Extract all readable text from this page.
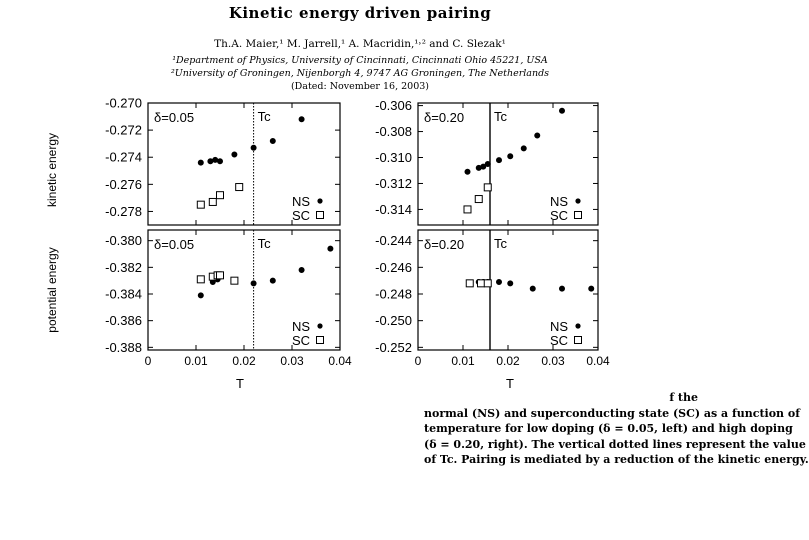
Kinetic energy driven pairing
Th.A. Maier,¹ M. Jarrell,¹ A. Macridin,¹˒² and C. Slezak¹
¹Department of Physics, University of Cincinnati, Cincinnati Ohio 45221, USA
²University of Groningen, Nijenborgh 4, 9747 AG Groningen, The Netherlands
(Dated: November 16, 2003)
kinetic energy
potential energy
T	T
-0.270
-0.272
-0.274
-0.276
-0.278
Tc
δ=0.05
NS
SC
-0.306
-0.308
-0.310
-0.312
-0.314
Tc
δ=0.20
NS
SC
-0.380
-0.382
-0.384
-0.386
-0.388
0	0.01 0.02 0.03 0.04
Tc
δ=0.05
NS
SC
-0.244
-0.246
-0.248
-0.250
-0.252
0 0.01 0.02 0.03 0.04
Tc
δ=0.20
NS
SC
f the
normal (NS) and superconducting state (SC) as a function of
temperature for low doping (δ = 0.05, left) and high doping
(δ = 0.20, right). The vertical dotted lines represent the value
of Tc. Pairing is mediated by a reduction of the kinetic energy.
